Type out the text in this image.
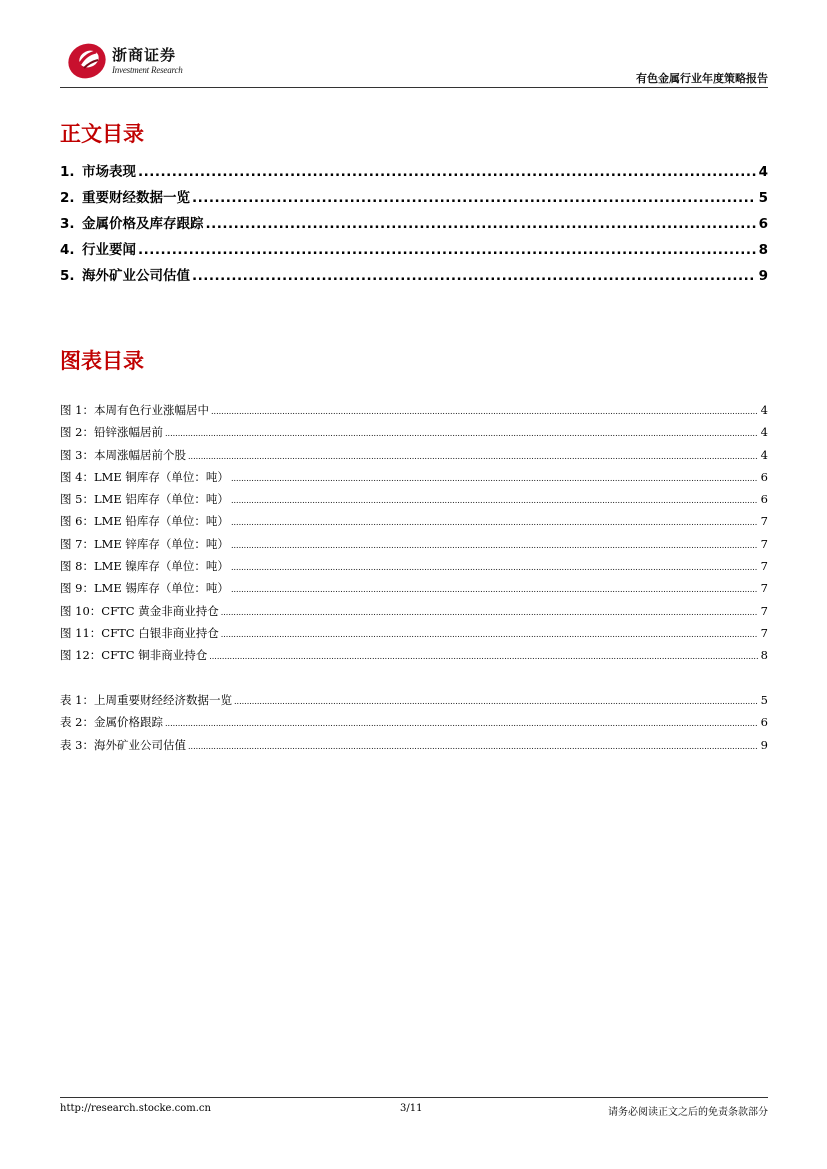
浙商证券
Investment Research
有色金属行业年度策略报告
正文目录
1. 市场表现 .....	4
2. 重要财经数据一览 .....	5
3. 金属价格及库存跟踪 .....	6
4. 行业要闻 .....	8
5. 海外矿业公司估值 .....	9
图表目录
图 1：本周有色行业涨幅居中 .....	4
图 2：铅锌涨幅居前 .....	4
图 3：本周涨幅居前个股 .....	4
图 4：LME 铜库存（单位：吨） .....	6
图 5：LME 铝库存（单位：吨） .....	6
图 6：LME 铅库存（单位：吨） .....	7
图 7：LME 锌库存（单位：吨） .....	7
图 8：LME 镍库存（单位：吨） .....	7
图 9：LME 锡库存（单位：吨） .....	7
图 10：CFTC 黄金非商业持仓 .....	7
图 11：CFTC 白银非商业持仓 .....	7
图 12：CFTC 铜非商业持仓 .....	8
表 1：上周重要财经经济数据一览 .....	5
表 2：金属价格跟踪 .....	6
表 3：海外矿业公司估值 .....	9
http://research.stocke.com.cn	3/11	请务必阅读正文之后的免责条款部分
